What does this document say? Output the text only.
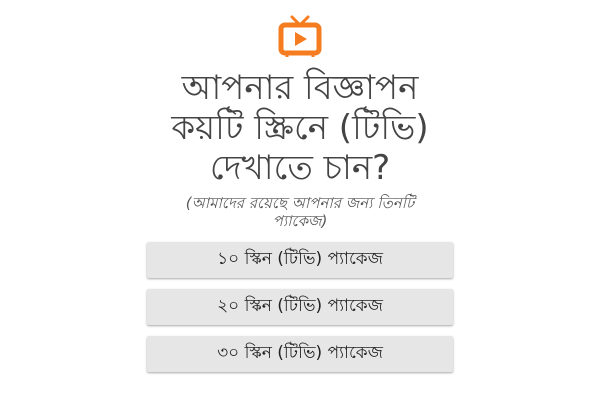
আপনার বিজ্ঞাপন
কয়টি স্ক্রিনে (টিভি)
দেখাতে চান?
(আমাদের রয়েছে আপনার জন্য তিনটি
প্যাকেজ)
১০ স্কিন (টিভি) প্যাকেজ
২০ স্কিন (টিভি) প্যাকেজ
৩০ স্কিন (টিভি) প্যাকেজ
